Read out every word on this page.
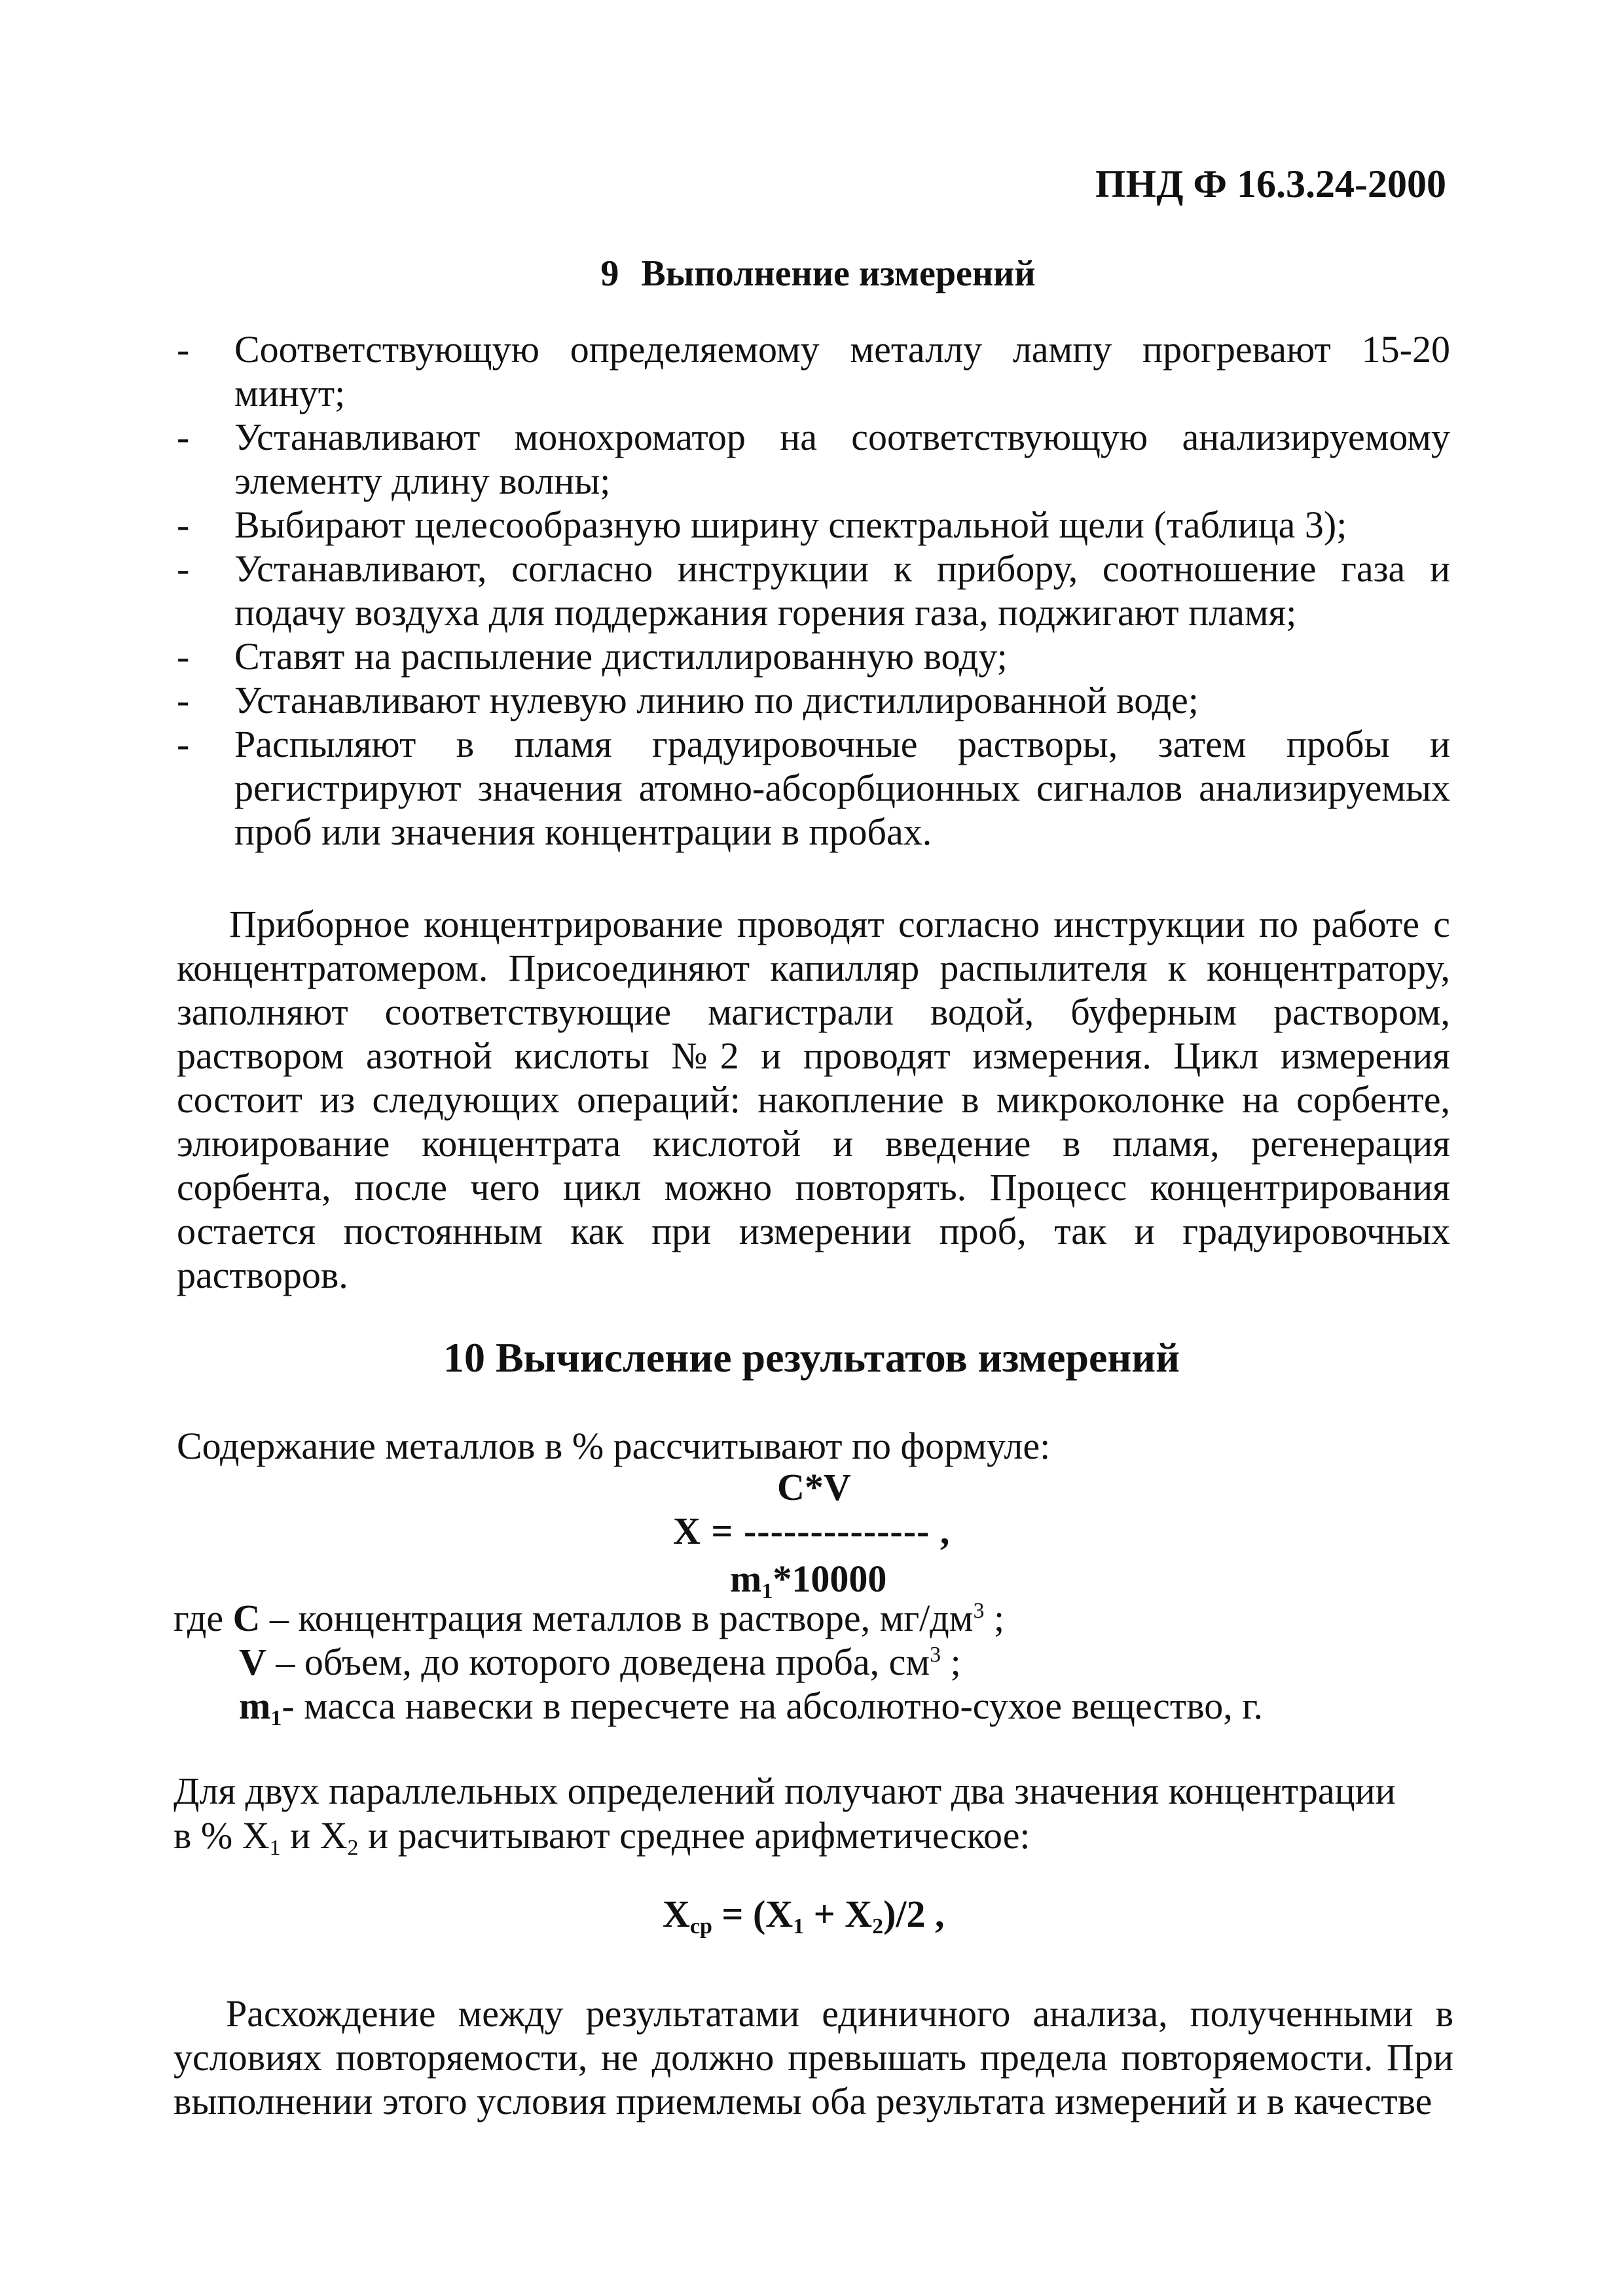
ПНД Ф 16.3.24-2000
9 Выполнение измерений
- Соответствующую определяемому металлу лампу прогревают 15-20 минут;
- Устанавливают монохроматор на соответствующую анализируемому элементу длину волны;
- Выбирают целесообразную ширину спектральной щели (таблица 3);
- Устанавливают, согласно инструкции к прибору, соотношение газа и подачу воздуха для поддержания горения газа, поджигают пламя;
- Ставят на распыление дистиллированную воду;
- Устанавливают нулевую линию по дистиллированной воде;
- Распыляют в пламя градуировочные растворы, затем пробы и регистрируют значения атомно-абсорбционных сигналов анализируемых проб или значения концентрации в пробах.

Приборное концентрирование проводят согласно инструкции по работе с концентратомером. Присоединяют капилляр распылителя к концентратору, заполняют соответствующие магистрали водой, буферным раствором, раствором азотной кислоты №2 и проводят измерения. Цикл измерения состоит из следующих операций: накопление в микроколонке на сорбенте, элюирование концентрата кислотой и введение в пламя, регенерация сорбента, после чего цикл можно повторять. Процесс концентрирования остается постоянным как при измерении проб, так и градуировочных растворов.

10 Вычисление результатов измерений
Содержание металлов в % рассчитывают по формуле:
C*V
X = -------------- ,
$m_1*10000$
где C – концентрация металлов в растворе, $мг/дм^3$ ;
V – объем, до которого доведена проба, $см^3$ ;
$m_1-$ масса навески в пересчете на абсолютно-сухое вещество, г.
Для двух параллельных определений получают два значения концентрации
в % $X_1$ и $X_2$ и расчитывают среднее арифметическое:
$X_{ср} = (X_1 + X_2)/2$ ,

Расхождение между результатами единичного анализа, полученными в условиях повторяемости, не должно превышать предела повторяемости. При выполнении этого условия приемлемы оба результата измерений и в качестве
